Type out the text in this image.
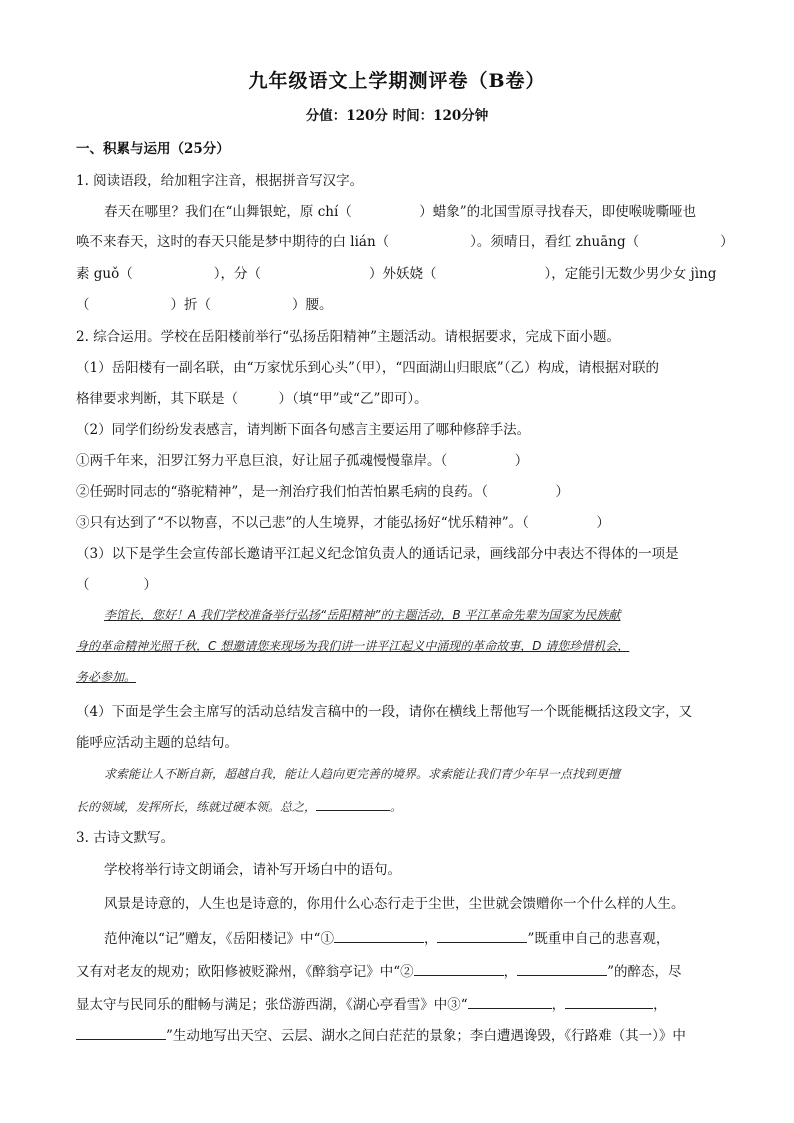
九年级语文上学期测评卷（B卷）
分值：120分 时间：120分钟
一、积累与运用（25分）
1. 阅读语段，给加粗字注音，根据拼音写汉字。
春天在哪里？我们在“山舞银蛇，原 chí（　　　　　）蜡象”的北国雪原寻找春天，即使喉咙嘶哑也
唤不来春天，这时的春天只能是梦中期待的白 lián（　　　　　　）。须晴日，看红 zhuāng（　　　　　　）
素 guǒ（　　　　　　），分（　　　　　　　　）外妖娆（　　　　　　　　），定能引无数少男少女 jìng
（　　　　　　）折（　　　　　　）腰。
2. 综合运用。学校在岳阳楼前举行“弘扬岳阳精神”主题活动。请根据要求，完成下面小题。
（1）岳阳楼有一副名联，由“万家忧乐到心头”（甲），“四面湖山归眼底”（乙）构成，请根据对联的
格律要求判断，其下联是（　　　）（填“甲”或“乙”即可）。
（2）同学们纷纷发表感言，请判断下面各句感言主要运用了哪种修辞手法。
①两千年来，汨罗江努力平息巨浪，好让屈子孤魂慢慢靠岸。（　　　　　）
②任弼时同志的“骆驼精神”，是一剂治疗我们怕苦怕累毛病的良药。（　　　　　）
③只有达到了“不以物喜，不以己悲”的人生境界，才能弘扬好“忧乐精神”。（　　　　　）
（3）以下是学生会宣传部长邀请平江起义纪念馆负责人的通话记录，画线部分中表达不得体的一项是
（　　　　）
李馆长，您好！A 我们学校准备举行弘扬“岳阳精神”的主题活动，B 平江革命先辈为国家为民族献
身的革命精神光照千秋，C 想邀请您来现场为我们讲一讲平江起义中涌现的革命故事，D 请您珍惜机会，
务必参加。
（4）下面是学生会主席写的活动总结发言稿中的一段，请你在横线上帮他写一个既能概括这段文字，又
能呼应活动主题的总结句。
求索能让人不断自新，超越自我，能让人趋向更完善的境界。求索能让我们青少年早一点找到更擅
长的领域，发挥所长，练就过硬本领。总之，	。
3. 古诗文默写。
学校将举行诗文朗诵会，请补写开场白中的语句。
风景是诗意的，人生也是诗意的，你用什么心态行走于尘世，尘世就会馈赠你一个什么样的人生。
范仲淹以“记”赠友，《岳阳楼记》中“①	，	”既重申自己的悲喜观，
又有对老友的规劝；欧阳修被贬滁州，《醉翁亭记》中“②	，	”的醉态，尽
显太守与民同乐的酣畅与满足；张岱游西湖，《湖心亭看雪》中③“	，	，
”生动地写出天空、云层、湖水之间白茫茫的景象；李白遭遇谗毁，《行路难（其一）》中
